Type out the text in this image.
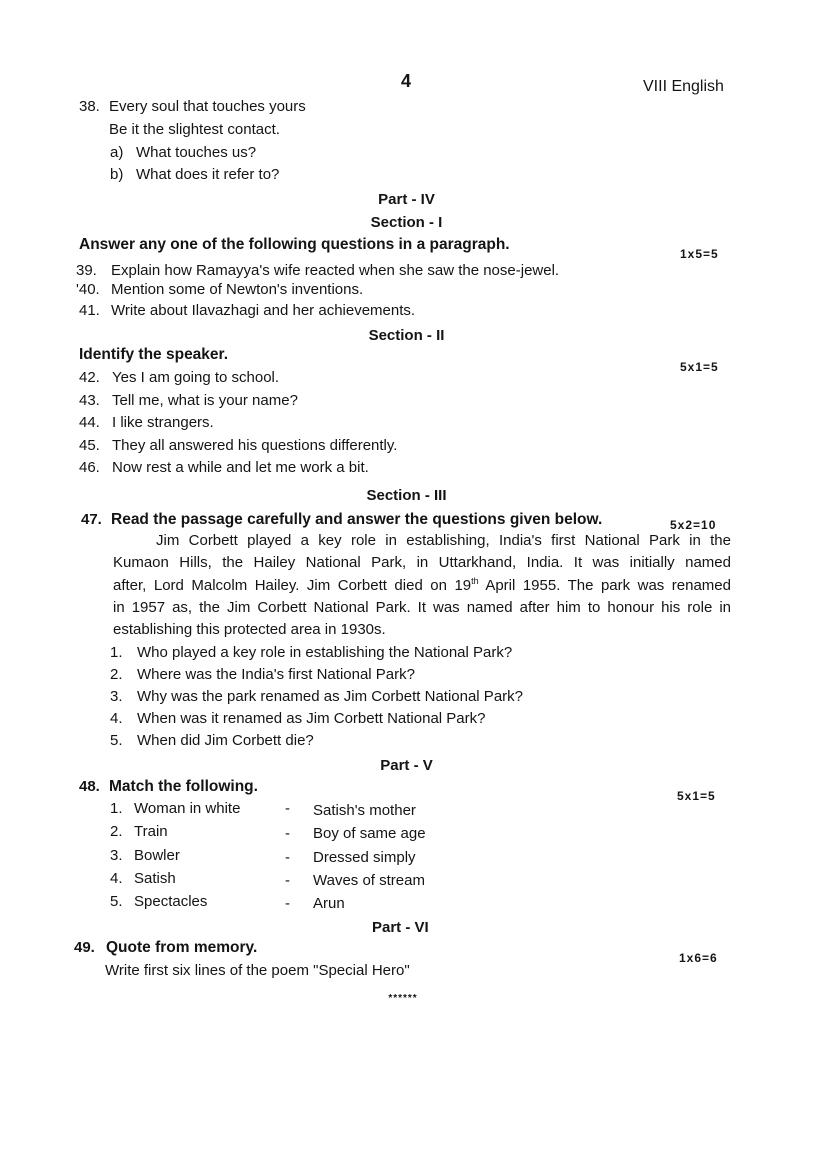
4	VIII English
38. Every soul that touches yours
Be it the slightest contact.
a) What touches us?
b) What does it refer to?
Part - IV
Section - I
Answer any one of the following questions in a paragraph.
1x5=5
39. Explain how Ramayya's wife reacted when she saw the nose-jewel.
'40. Mention some of Newton's inventions.
41. Write about Ilavazhagi and her achievements.
Section - II
Identify the speaker.
5x1=5
42. Yes I am going to school.
43. Tell me, what is your name?
44. I like strangers.
45. They all answered his questions differently.
46. Now rest a while and let me work a bit.
Section - III
47. Read the passage carefully and answer the questions given below.	5x2=10
Jim Corbett played a key role in establishing, India's first National Park in the
Kumaon Hills, the Hailey National Park, in Uttarkhand, India. It was initially named
after, Lord Malcolm Hailey. Jim Corbett died on 19th April 1955. The park was renamed
in 1957 as, the Jim Corbett National Park. It was named after him to honour his role in
establishing this protected area in 1930s.
1. Who played a key role in establishing the National Park?
2. Where was the India's first National Park?
3. Why was the park renamed as Jim Corbett National Park?
4. When was it renamed as Jim Corbett National Park?
5. When did Jim Corbett die?
Part - V
48. Match the following.
5x1=5
1. Woman in white	- Satish's mother
2. Train	- Boy of same age
3. Bowler	- Dressed simply
4. Satish	- Waves of stream
5. Spectacles	- Arun
Part - VI
49. Quote from memory.
1x6=6
Write first six lines of the poem "Special Hero"
******
